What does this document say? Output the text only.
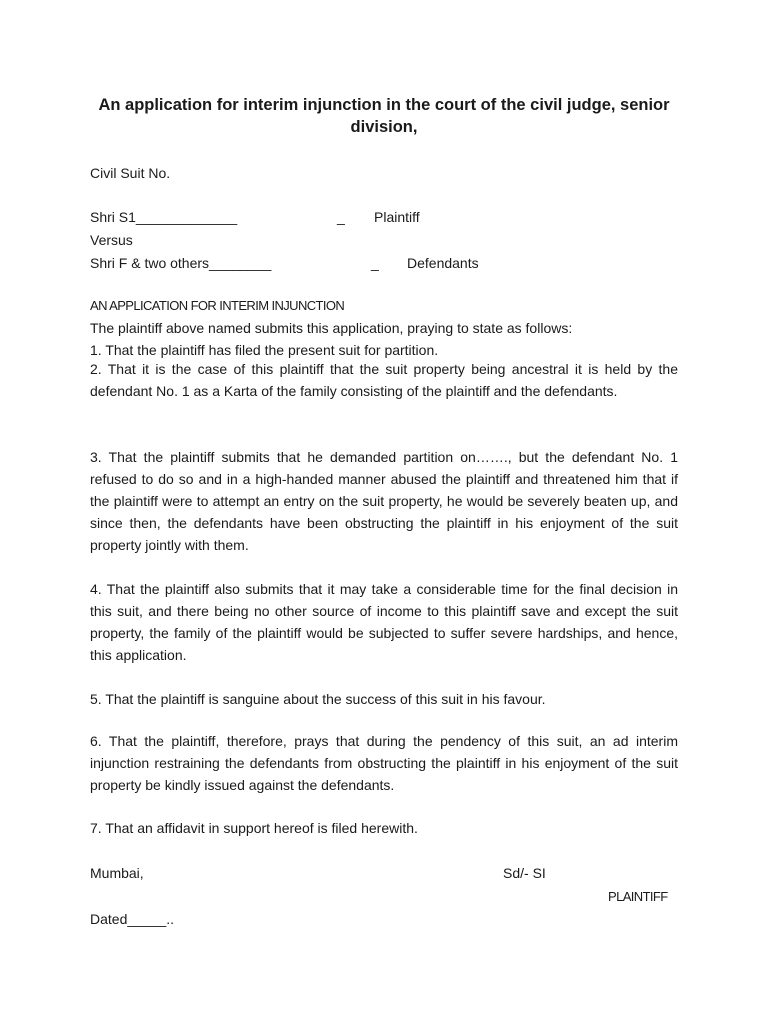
An application for interim injunction in the court of the civil judge, senior division,
Civil Suit No.
Shri S1_____________	_ Plaintiff
Versus
Shri F & two others________	_ Defendants
AN APPLICATION FOR INTERIM INJUNCTION
The plaintiff above named submits this application, praying to state as follows:
1. That the plaintiff has filed the present suit for partition.

2. That it is the case of this plaintiff that the suit property being ancestral it is held by the defendant No. 1 as a Karta of the family consisting of the plaintiff and the defendants.

3. That the plaintiff submits that he demanded partition on……., but the defendant No. 1 refused to do so and in a high-handed manner abused the plaintiff and threatened him that if the plaintiff were to attempt an entry on the suit property, he would be severely beaten up, and since then, the defendants have been obstructing the plaintiff in his enjoyment of the suit property jointly with them.

4. That the plaintiff also submits that it may take a considerable time for the final decision in this suit, and there being no other source of income to this plaintiff save and except the suit property, the family of the plaintiff would be subjected to suffer severe hardships, and hence, this application.

5. That the plaintiff is sanguine about the success of this suit in his favour.

6. That the plaintiff, therefore, prays that during the pendency of this suit, an ad interim injunction restraining the defendants from obstructing the plaintiff in his enjoyment of the suit property be kindly issued against the defendants.

7. That an affidavit in support hereof is filed herewith.
Mumbai,	Sd/- SI
PLAINTIFF
Dated_____..
